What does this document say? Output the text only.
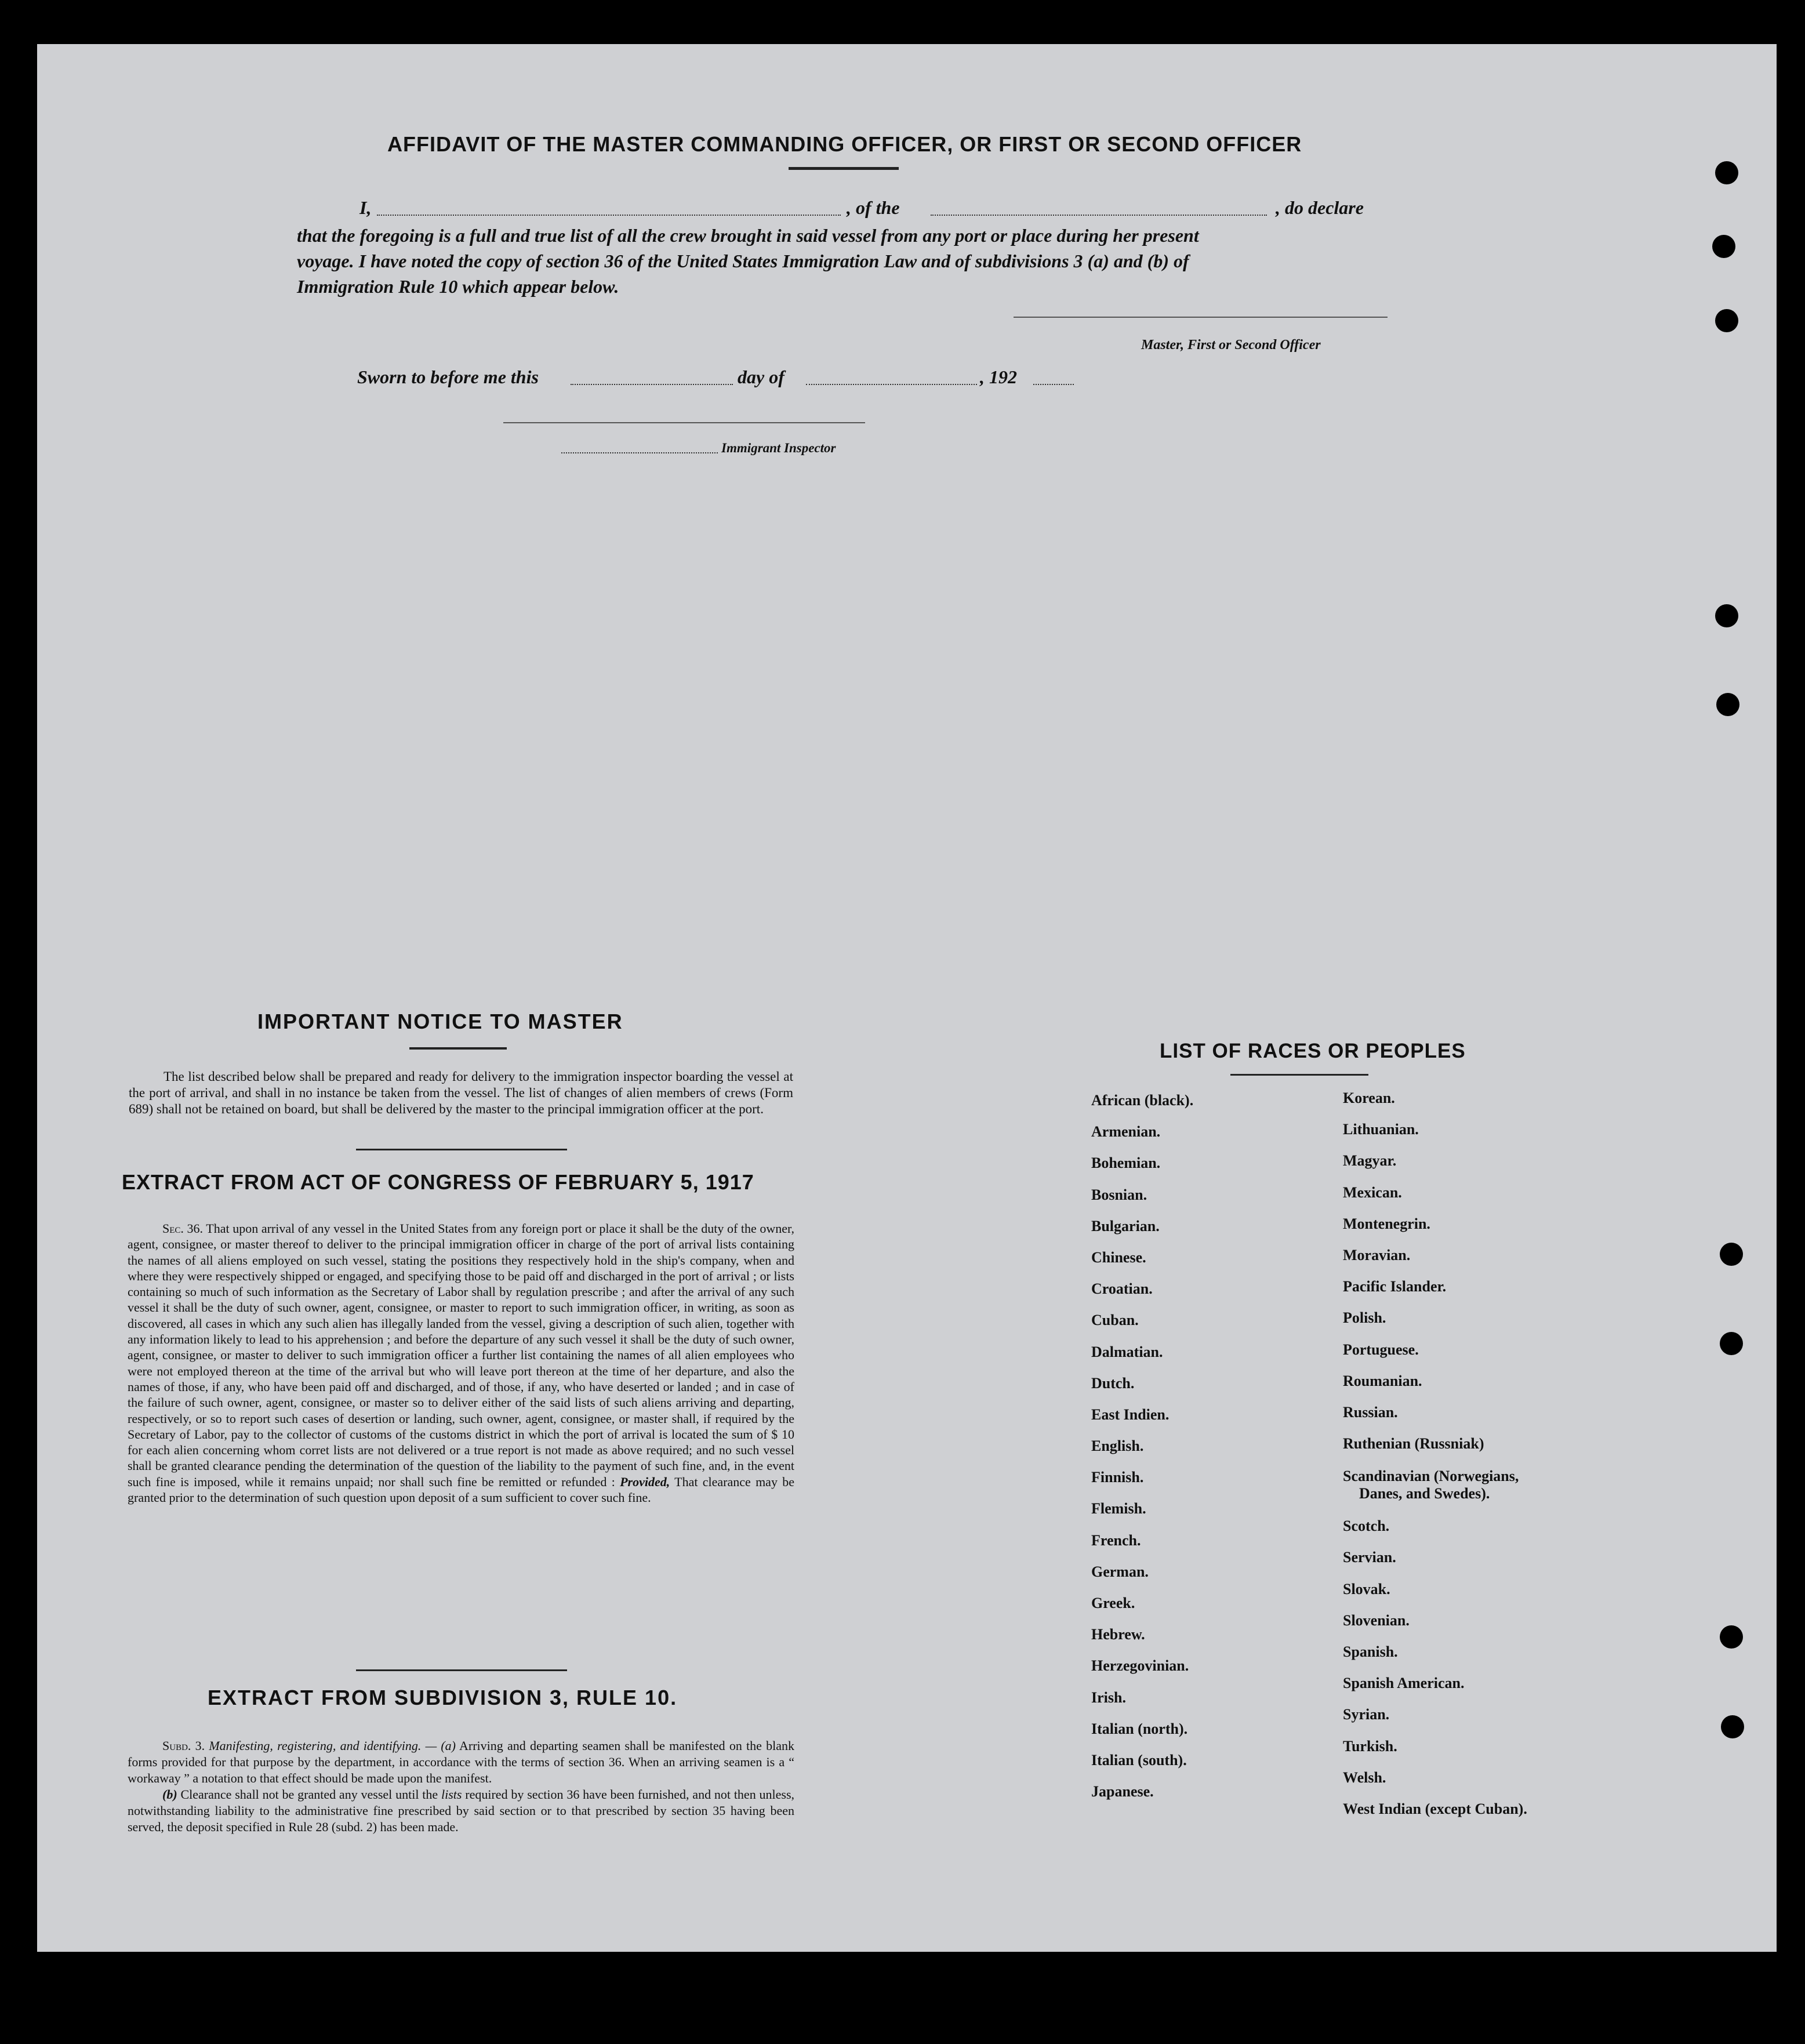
AFFIDAVIT OF THE MASTER COMMANDING OFFICER, OR FIRST OR SECOND OFFICER
I,	, of the	, do declare
that the foregoing is a full and true list of all the crew brought in said vessel from any port or place during her present
voyage. I have noted the copy of section 36 of the United States Immigration Law and of subdivisions 3 (a) and (b) of
Immigration Rule 10 which appear below.
Master, First or Second Officer
Sworn to before me this	day of	, 192
Immigrant Inspector
IMPORTANT NOTICE TO MASTER

The list described below shall be prepared and ready for delivery to the immigration inspector boarding the vessel at the port of arrival, and shall in no instance be taken from the vessel. The list of changes of alien members of crews (Form 689) shall not be retained on board, but shall be delivered by the master to the principal immigration officer at the port.

EXTRACT FROM ACT OF CONGRESS OF FEBRUARY 5, 1917

Sec. 36. That upon arrival of any vessel in the United States from any foreign port or place it shall be the duty of the owner, agent, consignee, or master thereof to deliver to the principal immigration officer in charge of the port of arrival lists containing the names of all aliens employed on such vessel, stating the positions they respectively hold in the ship's company, when and where they were respectively shipped or engaged, and specifying those to be paid off and discharged in the port of arrival ; or lists containing so much of such information as the Secretary of Labor shall by regulation prescribe ; and after the arrival of any such vessel it shall be the duty of such owner, agent, consignee, or master to report to such immigration officer, in writing, as soon as discovered, all cases in which any such alien has illegally landed from the vessel, giving a description of such alien, together with any information likely to lead to his apprehension ; and before the departure of any such vessel it shall be the duty of such owner, agent, consignee, or master to deliver to such immigration officer a further list containing the names of all alien employees who were not employed thereon at the time of the arrival but who will leave port thereon at the time of her departure, and also the names of those, if any, who have been paid off and discharged, and of those, if any, who have deserted or landed ; and in case of the failure of such owner, agent, consignee, or master so to deliver either of the said lists of such aliens arriving and departing, respectively, or so to report such cases of desertion or landing, such owner, agent, consignee, or master shall, if required by the Secretary of Labor, pay to the collector of customs of the customs district in which the port of arrival is located the sum of $ 10 for each alien concerning whom corret lists are not delivered or a true report is not made as above required; and no such vessel shall be granted clearance pending the determination of the question of the liability to the payment of such fine, and, in the event such fine is imposed, while it remains unpaid; nor shall such fine be remitted or refunded : Provided, That clearance may be granted prior to the determination of such question upon deposit of a sum sufficient to cover such fine.

EXTRACT FROM SUBDIVISION 3, RULE 10.

Subd. 3. Manifesting, registering, and identifying. — (a) Arriving and departing seamen shall be manifested on the blank forms provided for that purpose by the department, in accordance with the terms of section 36. When an arriving seamen is a “ workaway ” a notation to that effect should be made upon the manifest.

(b) Clearance shall not be granted any vessel until the lists required by section 36 have been furnished, and not then unless, notwithstanding liability to the administrative fine prescribed by said section or to that prescribed by section 35 having been served, the deposit specified in Rule 28 (subd. 2) has been made.

LIST OF RACES OR PEOPLES
African (black).
Armenian.
Bohemian.
Bosnian.
Bulgarian.
Chinese.
Croatian.
Cuban.
Dalmatian.
Dutch.
East Indien.
English.
Finnish.
Flemish.
French.
German.
Greek.
Hebrew.
Herzegovinian.
Irish.
Italian (north).
Italian (south).
Japanese.
Korean.
Lithuanian.
Magyar.
Mexican.
Montenegrin.
Moravian.
Pacific Islander.
Polish.
Portuguese.
Roumanian.
Russian.
Ruthenian (Russniak)
Scandinavian (Norwegians,
Danes, and Swedes).
Scotch.
Servian.
Slovak.
Slovenian.
Spanish.
Spanish American.
Syrian.
Turkish.
Welsh.
West Indian (except Cuban).
